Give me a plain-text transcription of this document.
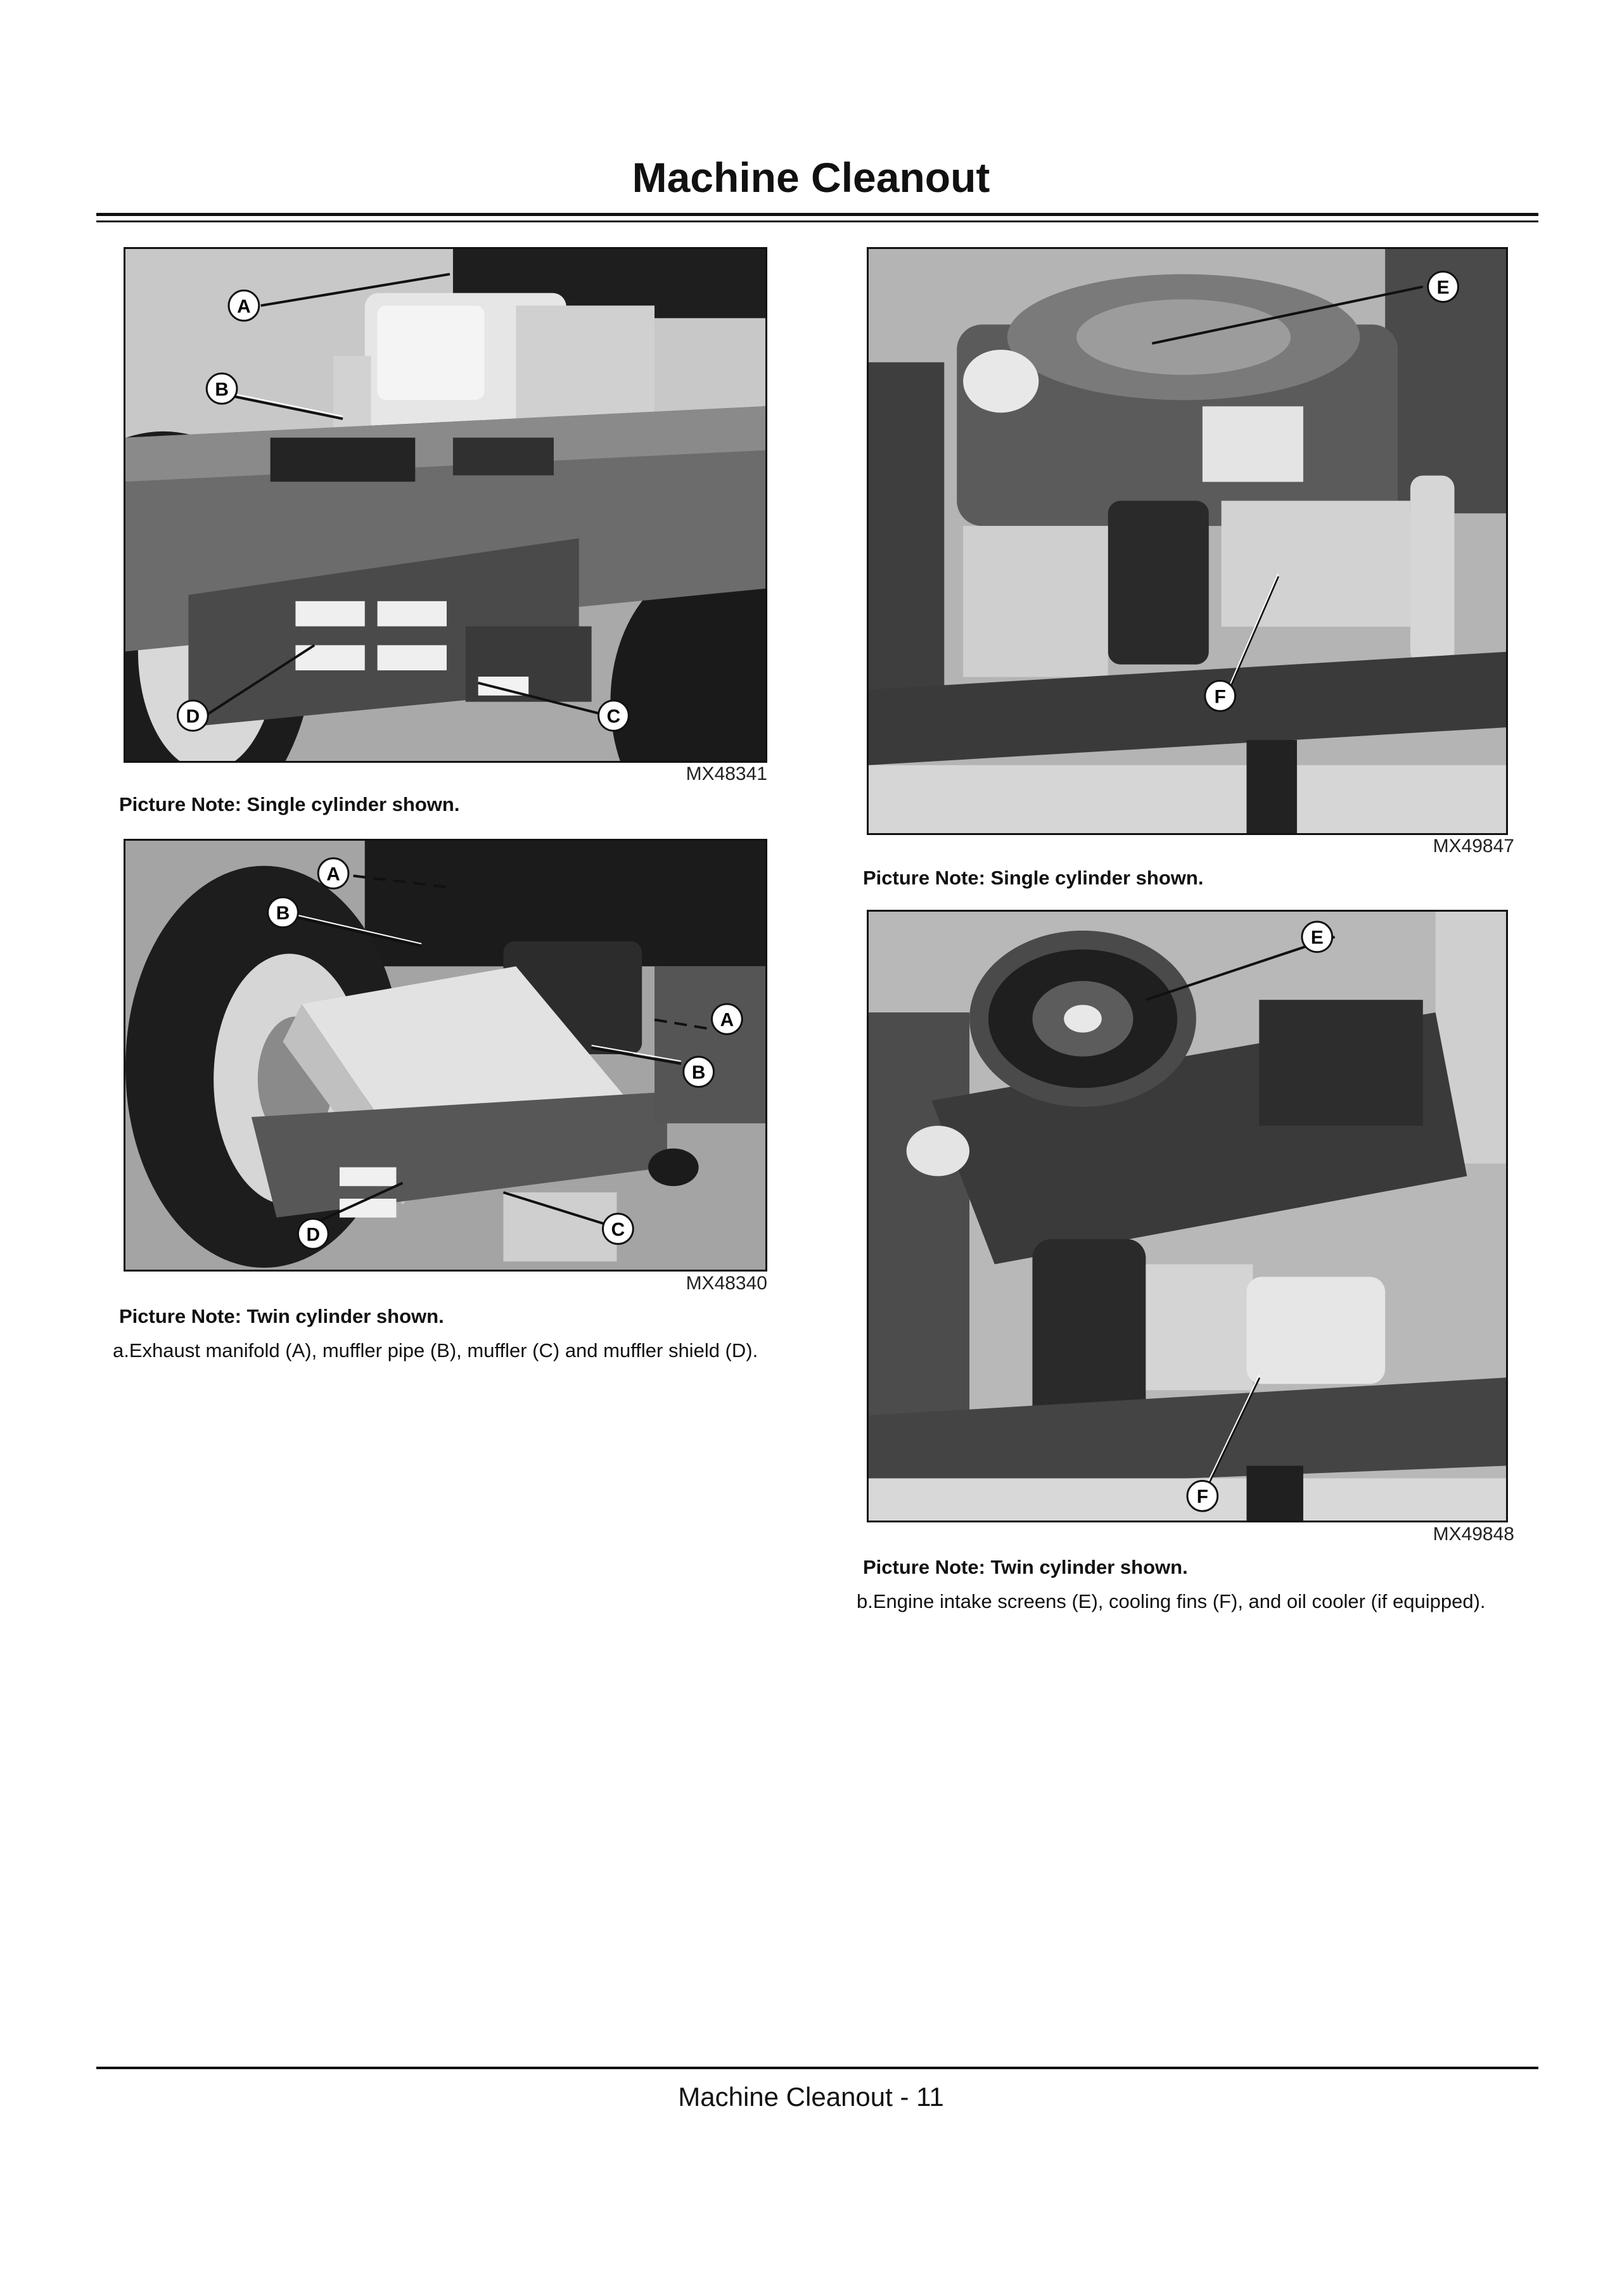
Machine Cleanout
A
B
C
D
MX48341
Picture Note: Single cylinder shown.
A
B
A
B
C
D
MX48340
Picture Note: Twin cylinder shown.
a.Exhaust manifold (A), muffler pipe (B), muffler (C) and muffler shield (D).
E
F
MX49847
Picture Note: Single cylinder shown.
E
F
MX49848
Picture Note: Twin cylinder shown.
b.Engine intake screens (E), cooling fins (F), and oil cooler (if equipped).
Machine Cleanout - 11
